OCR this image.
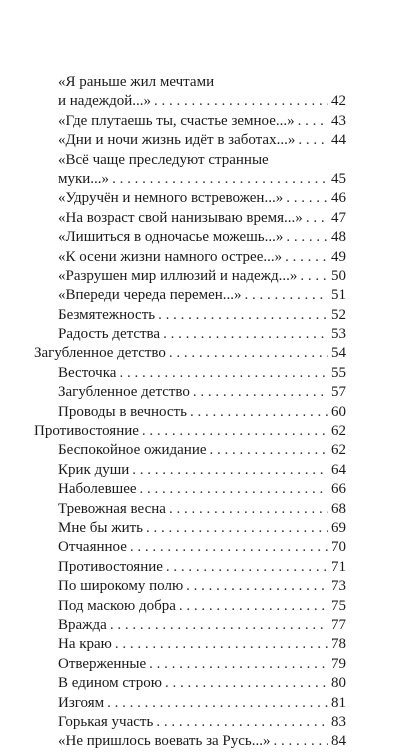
«Я раньше жил мечтами
и надеждой...» . . .	42
«Где плутаешь ты, счастье земное...» . . . 43
«Дни и ночи жизнь идёт в заботах...» . . . 44
«Всё чаще преследуют странные
муки...» . . .	45
«Удручён и немного встревожен...» . . .	46
«На возраст свой нанизываю время...» . . . 47
«Лишиться в одночасье можешь...» . . .	48
«К осени жизни намного острее...» . . .	49
«Разрушен мир иллюзий и надежд...» . . . 50
«Впереди череда перемен...» . . .	51
Безмятежность . . .	52
Радость детства . . .	53
Загубленное детство . . .	54
Весточка . . .	55
Загубленное детство . . .	57
Проводы в вечность . . .	60
Противостояние . . .	62
Беспокойное ожидание . . .	62
Крик души . . .	64
Наболевшее . . .	66
Тревожная весна . . .	68
Мне бы жить . . .	69
Отчаянное . . .	70
Противостояние . . .	71
По широкому полю . . .	73
Под маскою добра . . .	75
Вражда . . .	77
На краю . . .	78
Отверженные . . .	79
В едином строю . . .	80
Изгоям . . .	81
Горькая участь . . .	83
«Не пришлось воевать за Русь...» . . .	84
